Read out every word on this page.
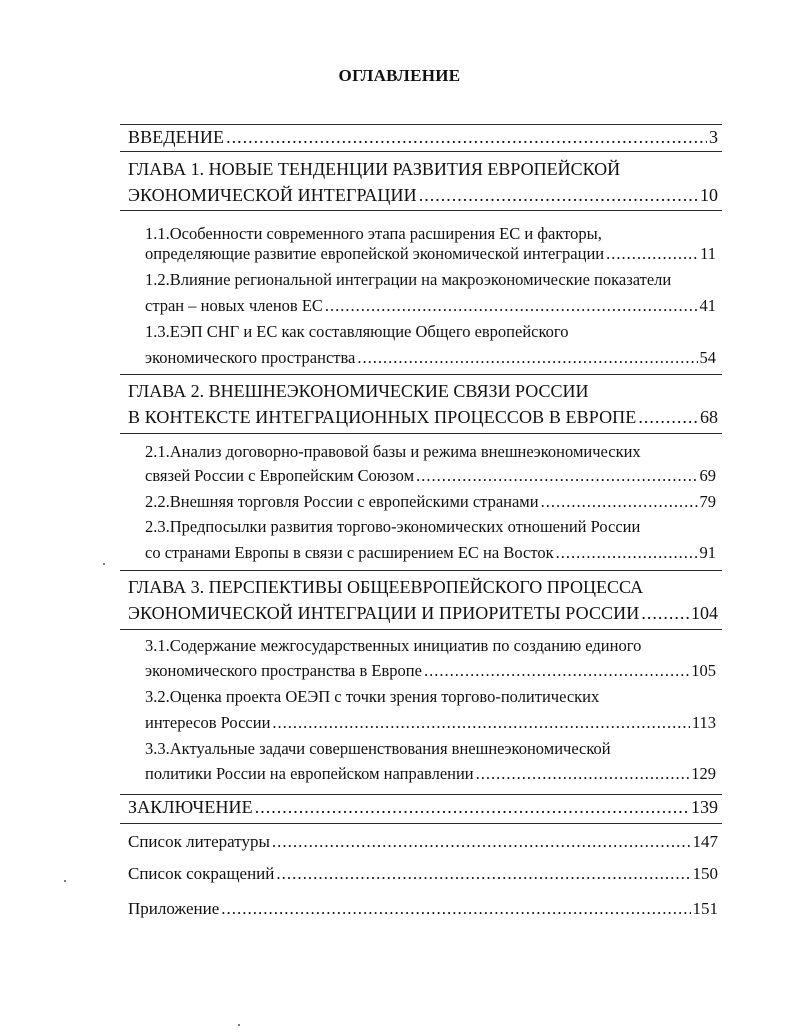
ОГЛАВЛЕНИЕ
ВВЕДЕНИЕ .....	3
ГЛАВА 1. НОВЫЕ ТЕНДЕНЦИИ РАЗВИТИЯ ЕВРОПЕЙСКОЙ
ЭКОНОМИЧЕСКОЙ ИНТЕГРАЦИИ .....	10
1.1.Особенности современного этапа расширения ЕС и факторы,
определяющие развитие европейской экономической интеграции .....	11
1.2.Влияние региональной интеграции на макроэкономические показатели
стран – новых членов ЕС .....	41
1.3.ЕЭП СНГ и ЕС как составляющие Общего европейского
экономического пространства .....	54
ГЛАВА 2. ВНЕШНЕЭКОНОМИЧЕСКИЕ СВЯЗИ РОССИИ
В КОНТЕКСТЕ ИНТЕГРАЦИОННЫХ ПРОЦЕССОВ В ЕВРОПЕ .....	68
2.1.Анализ договорно-правовой базы и режима внешнеэкономических
связей России с Европейским Союзом .....	69
2.2.Внешняя торговля России с европейскими странами .....	79
2.3.Предпосылки развития торгово-экономических отношений России
со странами Европы в связи с расширением ЕС на Восток .....	91
ГЛАВА 3. ПЕРСПЕКТИВЫ ОБЩЕЕВРОПЕЙСКОГО ПРОЦЕССА
ЭКОНОМИЧЕСКОЙ ИНТЕГРАЦИИ И ПРИОРИТЕТЫ РОССИИ .....	104
3.1.Содержание межгосударственных инициатив по созданию единого
экономического пространства в Европе .....	105
3.2.Оценка проекта ОЕЭП с точки зрения торгово-политических
интересов России .....	113
3.3.Актуальные задачи совершенствования внешнеэкономической
политики России на европейском направлении .....	129
ЗАКЛЮЧЕНИЕ .....	139
Список литературы .....	147
Список сокращений .....	150
Приложение .....	151
